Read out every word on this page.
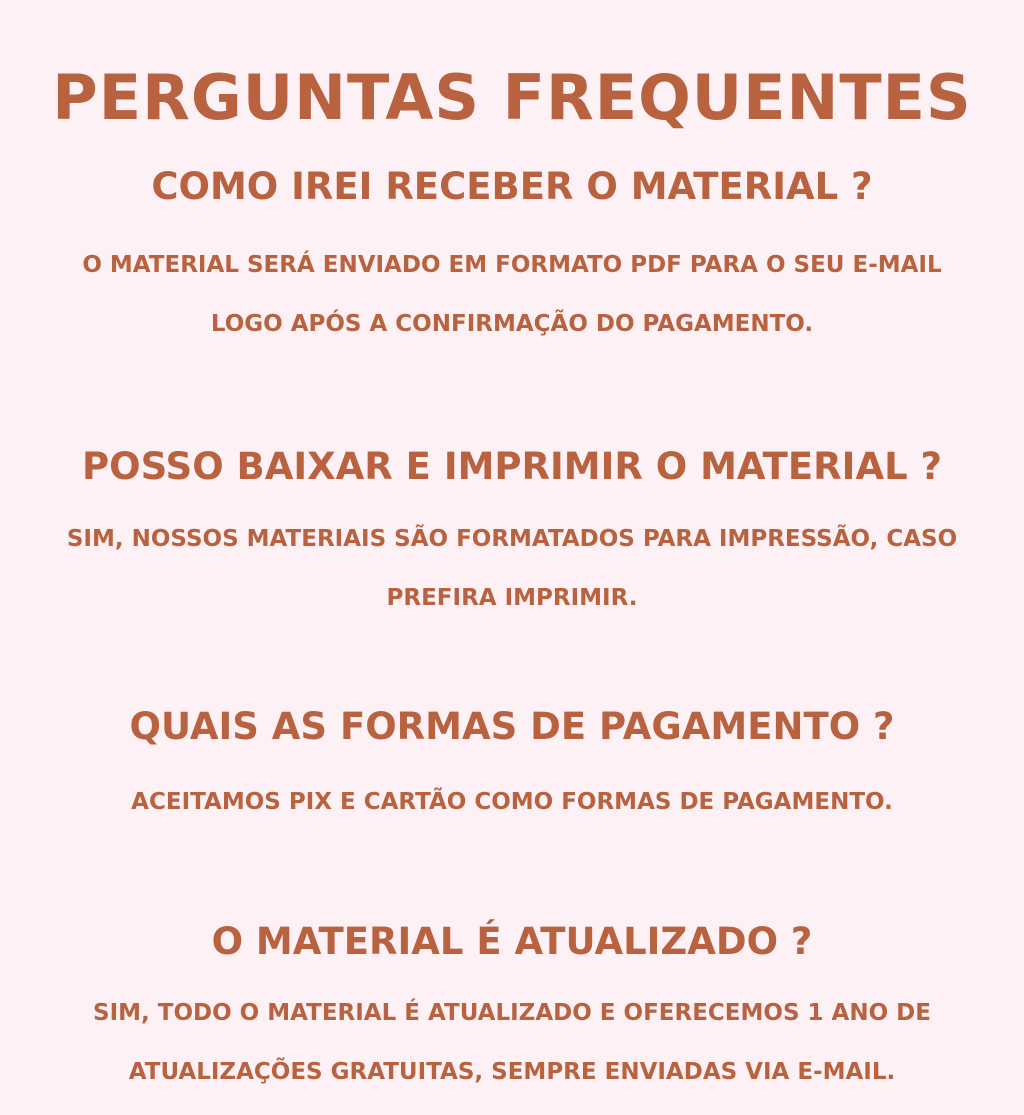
PERGUNTAS FREQUENTES
COMO IREI RECEBER O MATERIAL ?
O MATERIAL SERÁ ENVIADO EM FORMATO PDF PARA O SEU E-MAIL
LOGO APÓS A CONFIRMAÇÃO DO PAGAMENTO.
POSSO BAIXAR E IMPRIMIR O MATERIAL ?
SIM, NOSSOS MATERIAIS SÃO FORMATADOS PARA IMPRESSÃO, CASO
PREFIRA IMPRIMIR.
QUAIS AS FORMAS DE PAGAMENTO ?
ACEITAMOS PIX E CARTÃO COMO FORMAS DE PAGAMENTO.
O MATERIAL É ATUALIZADO ?
SIM, TODO O MATERIAL É ATUALIZADO E OFERECEMOS 1 ANO DE
ATUALIZAÇÕES GRATUITAS, SEMPRE ENVIADAS VIA E-MAIL.
